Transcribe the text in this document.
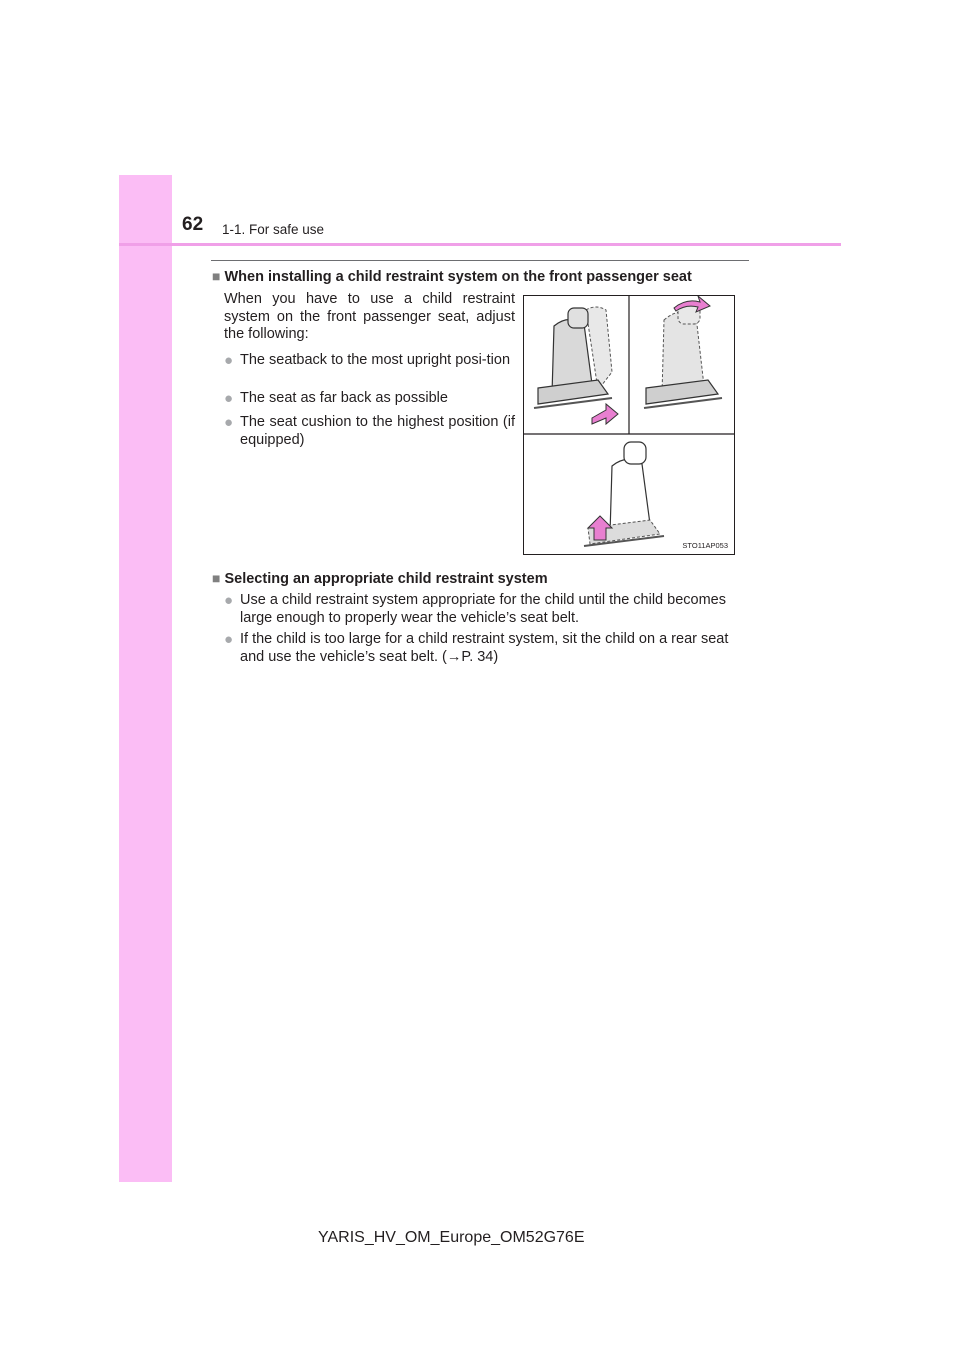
62 1-1. For safe use
■ When installing a child restraint system on the front passenger seat
When you have to use a child restraint system on the front passenger seat, adjust the following:
● The seatback to the most upright posi-tion
● The seat as far back as possible
● The seat cushion to the highest position (if equipped)
STO11AP053
■ Selecting an appropriate child restraint system
● Use a child restraint system appropriate for the child until the child becomes large enough to properly wear the vehicle’s seat belt.
● If the child is too large for a child restraint system, sit the child on a rear seat and use the vehicle’s seat belt. (→P. 34)
YARIS_HV_OM_Europe_OM52G76E
